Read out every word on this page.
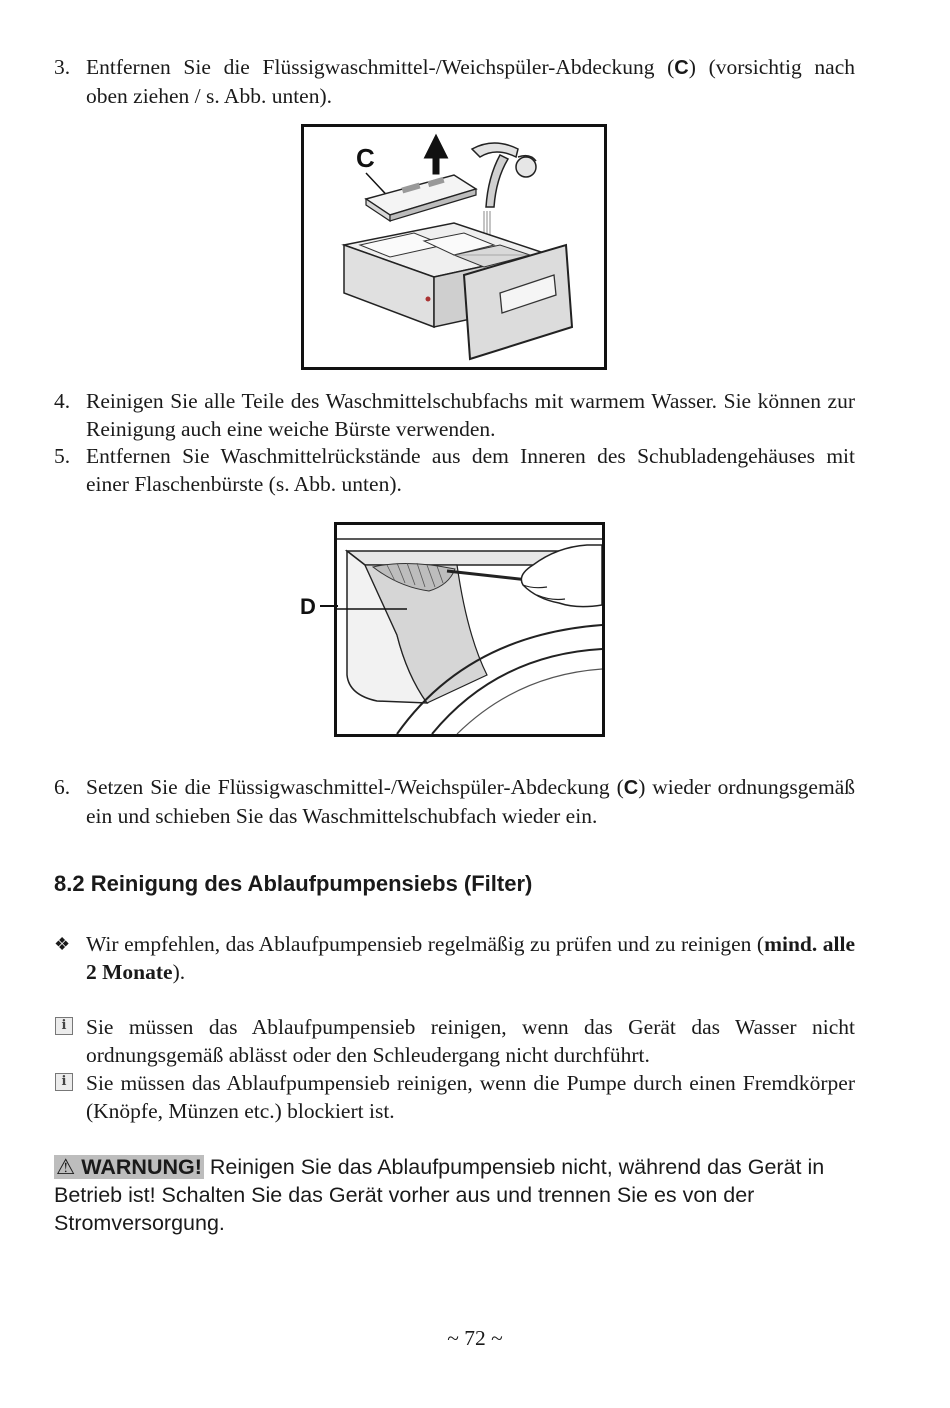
3. Entfernen Sie die Flüssigwaschmittel-/Weichspüler-Abdeckung (C) (vorsichtig nach oben ziehen / s. Abb. unten).
C
4. Reinigen Sie alle Teile des Waschmittelschubfachs mit warmem Wasser. Sie können zur Reinigung auch eine weiche Bürste verwenden.
5. Entfernen Sie Waschmittelrückstände aus dem Inneren des Schubladengehäuses mit einer Flaschenbürste (s. Abb. unten).
D
6. Setzen Sie die Flüssigwaschmittel-/Weichspüler-Abdeckung (C) wieder ordnungsgemäß ein und schieben Sie das Waschmittelschubfach wieder ein.
8.2 Reinigung des Ablaufpumpensiebs (Filter)
❖ Wir empfehlen, das Ablaufpumpensieb regelmäßig zu prüfen und zu reinigen (mind. alle 2 Monate).
i Sie müssen das Ablaufpumpensieb reinigen, wenn das Gerät das Wasser nicht ordnungsgemäß ablässt oder den Schleudergang nicht durchführt.
i Sie müssen das Ablaufpumpensieb reinigen, wenn die Pumpe durch einen Fremdkörper (Knöpfe, Münzen etc.) blockiert ist.
⚠ WARNUNG! Reinigen Sie das Ablaufpumpensieb nicht, während das Gerät in Betrieb ist! Schalten Sie das Gerät vorher aus und trennen Sie es von der Stromversorgung.
~ 72 ~
